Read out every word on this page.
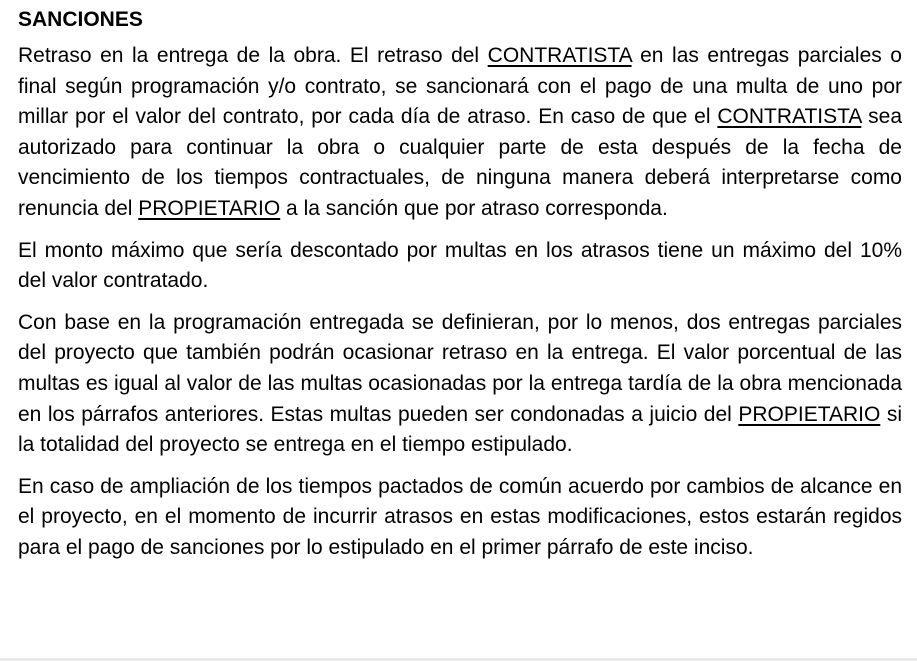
SANCIONES

Retraso en la entrega de la obra. El retraso del CONTRATISTA en las entregas parciales o final según programación y/o contrato, se sancionará con el pago de una multa de uno por millar por el valor del contrato, por cada día de atraso. En caso de que el CONTRATISTA sea autorizado para continuar la obra o cualquier parte de esta después de la fecha de vencimiento de los tiempos contractuales, de ninguna manera deberá interpretarse como renuncia del PROPIETARIO a la sanción que por atraso corresponda.

El monto máximo que sería descontado por multas en los atrasos tiene un máximo del 10% del valor contratado.

Con base en la programación entregada se definieran, por lo menos, dos entregas parciales del proyecto que también podrán ocasionar retraso en la entrega. El valor porcentual de las multas es igual al valor de las multas ocasionadas por la entrega tardía de la obra mencionada en los párrafos anteriores. Estas multas pueden ser condonadas a juicio del PROPIETARIO si la totalidad del proyecto se entrega en el tiempo estipulado.

En caso de ampliación de los tiempos pactados de común acuerdo por cambios de alcance en el proyecto, en el momento de incurrir atrasos en estas modificaciones, estos estarán regidos para el pago de sanciones por lo estipulado en el primer párrafo de este inciso.
